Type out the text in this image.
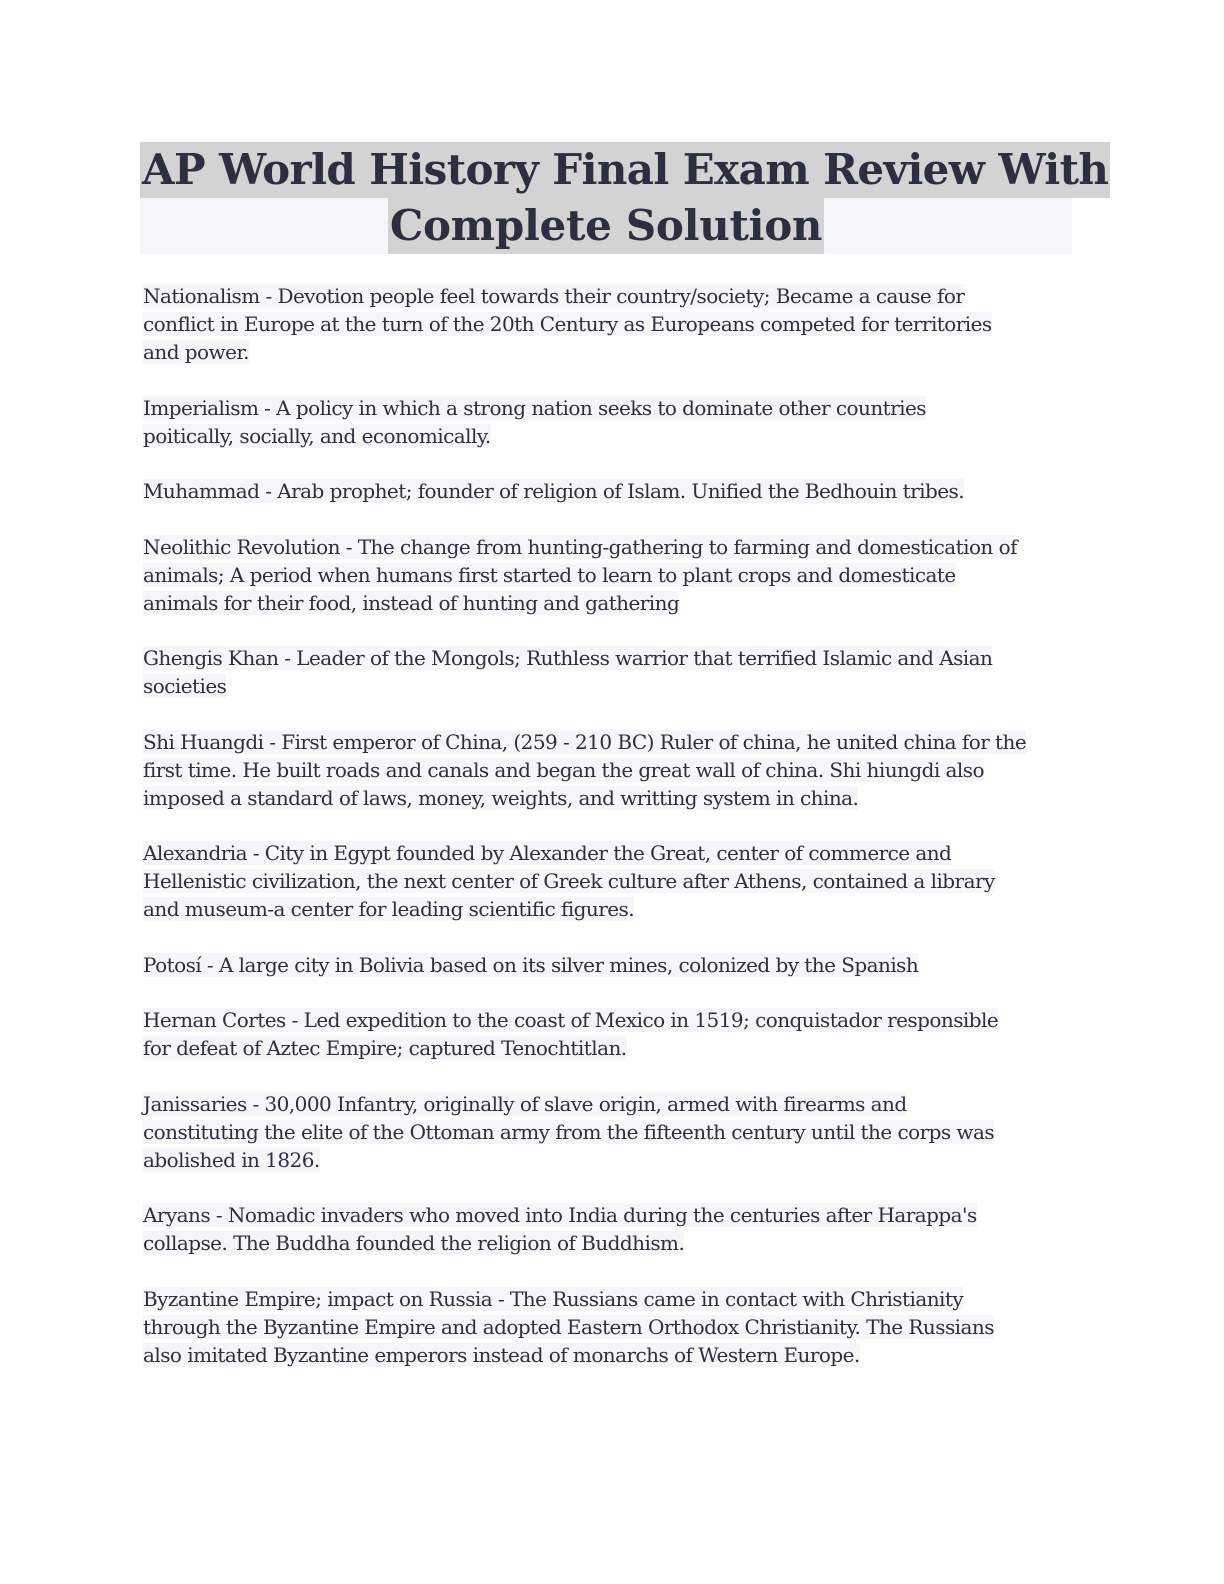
AP World History Final Exam Review With
Complete Solution
Nationalism - Devotion people feel towards their country/society; Became a cause for
conflict in Europe at the turn of the 20th Century as Europeans competed for territories
and power.
Imperialism - A policy in which a strong nation seeks to dominate other countries
poitically, socially, and economically.
Muhammad - Arab prophet; founder of religion of Islam. Unified the Bedhouin tribes.
Neolithic Revolution - The change from hunting-gathering to farming and domestication of
animals; A period when humans first started to learn to plant crops and domesticate
animals for their food, instead of hunting and gathering
Ghengis Khan - Leader of the Mongols; Ruthless warrior that terrified Islamic and Asian
societies
Shi Huangdi - First emperor of China, (259 - 210 BC) Ruler of china, he united china for the
first time. He built roads and canals and began the great wall of china. Shi hiungdi also
imposed a standard of laws, money, weights, and writting system in china.
Alexandria - City in Egypt founded by Alexander the Great, center of commerce and
Hellenistic civilization, the next center of Greek culture after Athens, contained a library
and museum-a center for leading scientific figures.
Potosí - A large city in Bolivia based on its silver mines, colonized by the Spanish
Hernan Cortes - Led expedition to the coast of Mexico in 1519; conquistador responsible
for defeat of Aztec Empire; captured Tenochtitlan.
Janissaries - 30,000 Infantry, originally of slave origin, armed with firearms and
constituting the elite of the Ottoman army from the fifteenth century until the corps was
abolished in 1826.
Aryans - Nomadic invaders who moved into India during the centuries after Harappa's
collapse. The Buddha founded the religion of Buddhism.
Byzantine Empire; impact on Russia - The Russians came in contact with Christianity
through the Byzantine Empire and adopted Eastern Orthodox Christianity. The Russians
also imitated Byzantine emperors instead of monarchs of Western Europe.
